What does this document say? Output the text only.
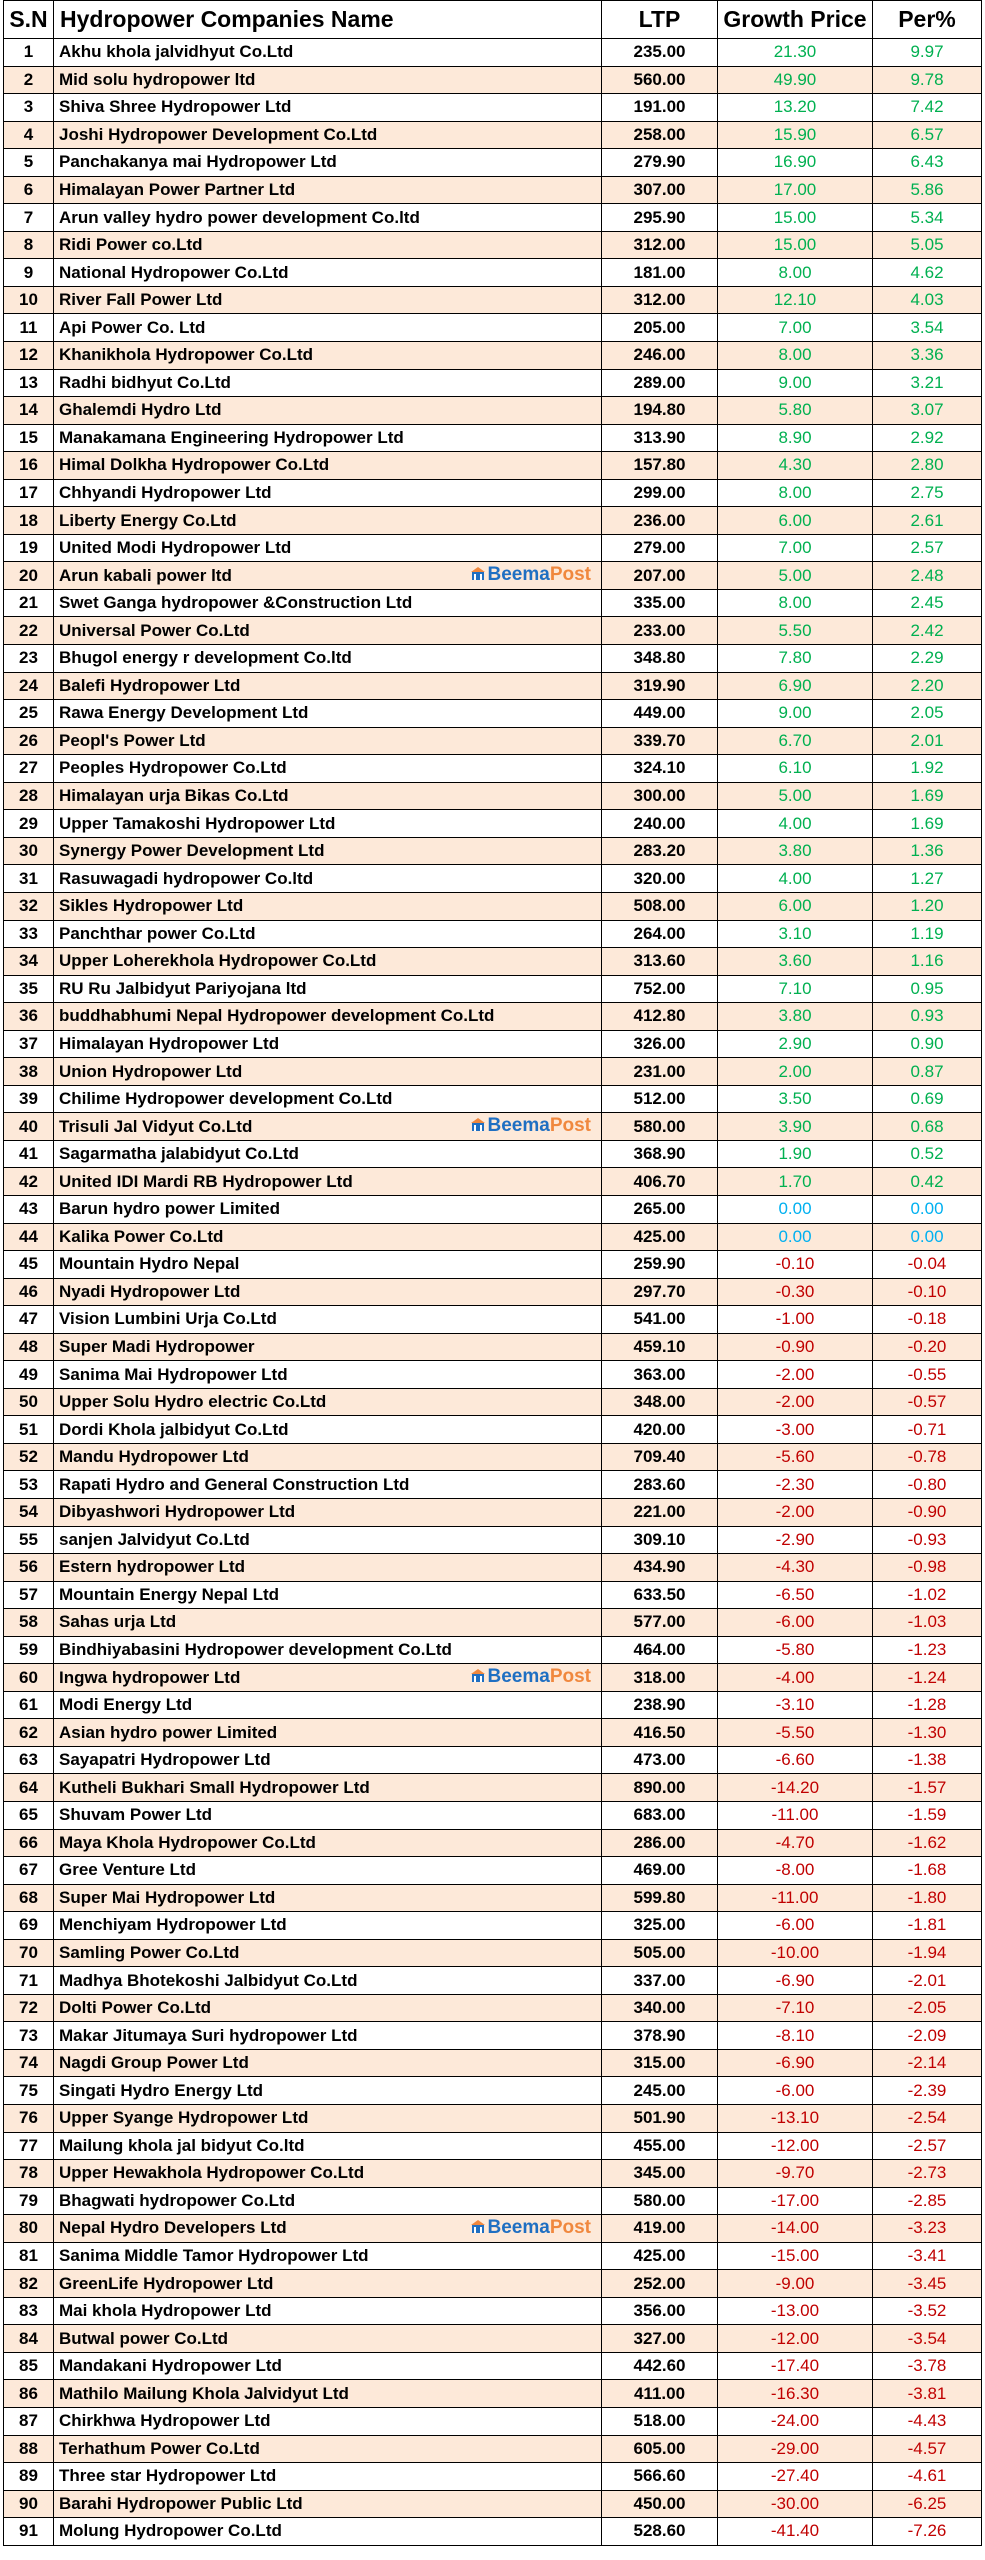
S.N	Hydropower Companies Name	LTP	Growth Price	Per%
1	Akhu khola jalvidhyut Co.Ltd	235.00	21.30	9.97
2	Mid solu hydropower ltd	560.00	49.90	9.78
3	Shiva Shree Hydropower Ltd	191.00	13.20	7.42
4	Joshi Hydropower Development Co.Ltd	258.00	15.90	6.57
5	Panchakanya mai Hydropower Ltd	279.90	16.90	6.43
6	Himalayan Power Partner Ltd	307.00	17.00	5.86
7	Arun valley hydro power development Co.ltd	295.90	15.00	5.34
8	Ridi Power co.Ltd	312.00	15.00	5.05
9	National Hydropower Co.Ltd	181.00	8.00	4.62
10	River Fall Power Ltd	312.00	12.10	4.03
11	Api Power Co. Ltd	205.00	7.00	3.54
12	Khanikhola Hydropower Co.Ltd	246.00	8.00	3.36
13	Radhi bidhyut Co.Ltd	289.00	9.00	3.21
14	Ghalemdi Hydro Ltd	194.80	5.80	3.07
15	Manakamana Engineering Hydropower Ltd	313.90	8.90	2.92
16	Himal Dolkha Hydropower Co.Ltd	157.80	4.30	2.80
17	Chhyandi Hydropower Ltd	299.00	8.00	2.75
18	Liberty Energy Co.Ltd	236.00	6.00	2.61
19	United Modi Hydropower Ltd	279.00	7.00	2.57
20	Arun kabali power ltd BeemaPost	207.00	5.00	2.48
21	Swet Ganga hydropower &Construction Ltd	335.00	8.00	2.45
22	Universal Power Co.Ltd	233.00	5.50	2.42
23	Bhugol energy r development Co.ltd	348.80	7.80	2.29
24	Balefi Hydropower Ltd	319.90	6.90	2.20
25	Rawa Energy Development Ltd	449.00	9.00	2.05
26	Peopl's Power Ltd	339.70	6.70	2.01
27	Peoples Hydropower Co.Ltd	324.10	6.10	1.92
28	Himalayan urja Bikas Co.Ltd	300.00	5.00	1.69
29	Upper Tamakoshi Hydropower Ltd	240.00	4.00	1.69
30	Synergy Power Development Ltd	283.20	3.80	1.36
31	Rasuwagadi hydropower Co.ltd	320.00	4.00	1.27
32	Sikles Hydropower Ltd	508.00	6.00	1.20
33	Panchthar power Co.Ltd	264.00	3.10	1.19
34	Upper Loherekhola Hydropower Co.Ltd	313.60	3.60	1.16
35	RU Ru Jalbidyut Pariyojana ltd	752.00	7.10	0.95
36	buddhabhumi Nepal Hydropower development Co.Ltd	412.80	3.80	0.93
37	Himalayan Hydropower Ltd	326.00	2.90	0.90
38	Union Hydropower Ltd	231.00	2.00	0.87
39	Chilime Hydropower development Co.Ltd	512.00	3.50	0.69
40	Trisuli Jal Vidyut Co.Ltd BeemaPost	580.00	3.90	0.68
41	Sagarmatha jalabidyut Co.Ltd	368.90	1.90	0.52
42	United IDI Mardi RB Hydropower Ltd	406.70	1.70	0.42
43	Barun hydro power Limited	265.00	0.00	0.00
44	Kalika Power Co.Ltd	425.00	0.00	0.00
45	Mountain Hydro Nepal	259.90	-0.10	-0.04
46	Nyadi Hydropower Ltd	297.70	-0.30	-0.10
47	Vision Lumbini Urja Co.Ltd	541.00	-1.00	-0.18
48	Super Madi Hydropower	459.10	-0.90	-0.20
49	Sanima Mai Hydropower Ltd	363.00	-2.00	-0.55
50	Upper Solu Hydro electric Co.Ltd	348.00	-2.00	-0.57
51	Dordi Khola jalbidyut Co.Ltd	420.00	-3.00	-0.71
52	Mandu Hydropower Ltd	709.40	-5.60	-0.78
53	Rapati Hydro and General Construction Ltd	283.60	-2.30	-0.80
54	Dibyashwori Hydropower Ltd	221.00	-2.00	-0.90
55	sanjen Jalvidyut Co.Ltd	309.10	-2.90	-0.93
56	Estern hydropower Ltd	434.90	-4.30	-0.98
57	Mountain Energy Nepal Ltd	633.50	-6.50	-1.02
58	Sahas urja Ltd	577.00	-6.00	-1.03
59	Bindhiyabasini Hydropower development Co.Ltd	464.00	-5.80	-1.23
60	Ingwa hydropower Ltd BeemaPost	318.00	-4.00	-1.24
61	Modi Energy Ltd	238.90	-3.10	-1.28
62	Asian hydro power Limited	416.50	-5.50	-1.30
63	Sayapatri Hydropower Ltd	473.00	-6.60	-1.38
64	Kutheli Bukhari Small Hydropower Ltd	890.00	-14.20	-1.57
65	Shuvam Power Ltd	683.00	-11.00	-1.59
66	Maya Khola Hydropower Co.Ltd	286.00	-4.70	-1.62
67	Gree Venture Ltd	469.00	-8.00	-1.68
68	Super Mai Hydropower Ltd	599.80	-11.00	-1.80
69	Menchiyam Hydropower Ltd	325.00	-6.00	-1.81
70	Samling Power Co.Ltd	505.00	-10.00	-1.94
71	Madhya Bhotekoshi Jalbidyut Co.Ltd	337.00	-6.90	-2.01
72	Dolti Power Co.Ltd	340.00	-7.10	-2.05
73	Makar Jitumaya Suri hydropower Ltd	378.90	-8.10	-2.09
74	Nagdi Group Power Ltd	315.00	-6.90	-2.14
75	Singati Hydro Energy Ltd	245.00	-6.00	-2.39
76	Upper Syange Hydropower Ltd	501.90	-13.10	-2.54
77	Mailung khola jal bidyut Co.ltd	455.00	-12.00	-2.57
78	Upper Hewakhola Hydropower Co.Ltd	345.00	-9.70	-2.73
79	Bhagwati hydropower Co.Ltd	580.00	-17.00	-2.85
80	Nepal Hydro Developers Ltd BeemaPost	419.00	-14.00	-3.23
81	Sanima Middle Tamor Hydropower Ltd	425.00	-15.00	-3.41
82	GreenLife Hydropower Ltd	252.00	-9.00	-3.45
83	Mai khola Hydropower Ltd	356.00	-13.00	-3.52
84	Butwal power Co.Ltd	327.00	-12.00	-3.54
85	Mandakani Hydropower Ltd	442.60	-17.40	-3.78
86	Mathilo Mailung Khola Jalvidyut Ltd	411.00	-16.30	-3.81
87	Chirkhwa Hydropower Ltd	518.00	-24.00	-4.43
88	Terhathum Power Co.Ltd	605.00	-29.00	-4.57
89	Three star Hydropower Ltd	566.60	-27.40	-4.61
90	Barahi Hydropower Public Ltd	450.00	-30.00	-6.25
91	Molung Hydropower Co.Ltd	528.60	-41.40	-7.26
